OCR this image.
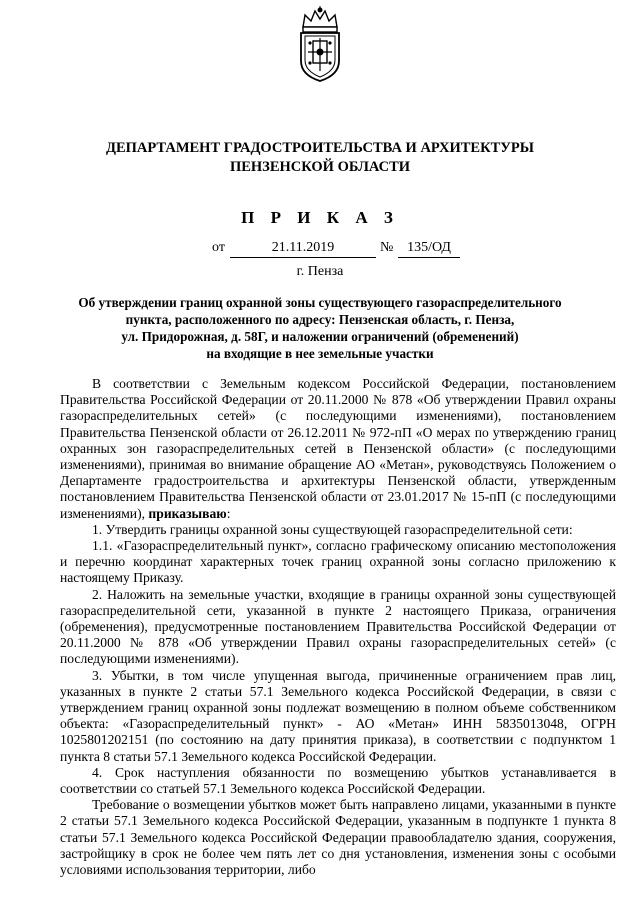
ДЕПАРТАМЕНТ ГРАДОСТРОИТЕЛЬСТВА И АРХИТЕКТУРЫ
ПЕНЗЕНСКОЙ ОБЛАСТИ
П Р И К А З
от	21.11.2019	№ 135/ОД
г. Пенза
Об утверждении границ охранной зоны существующего газораспределительного
пункта, расположенного по адресу: Пензенская область, г. Пенза,
ул. Придорожная, д. 58Г, и наложении ограничений (обременений)
на входящие в нее земельные участки

В соответствии с Земельным кодексом Российской Федерации, постановлением Правительства Российской Федерации от 20.11.2000 № 878 «Об утверждении Правил охраны газораспределительных сетей» (с последующими изменениями), постановлением Правительства Пензенской области от 26.12.2011 № 972-пП «О мерах по утверждению границ охранных зон газораспределительных сетей в Пензенской области» (с последующими изменениями), принимая во внимание обращение АО «Метан», руководствуясь Положением о Департаменте градостроительства и архитектуры Пензенской области, утвержденным постановлением Правительства Пензенской области от 23.01.2017 № 15-пП (с последующими изменениями), приказываю:

1. Утвердить границы охранной зоны существующей газораспределительной сети:

1.1. «Газораспределительный пункт», согласно графическому описанию местоположения и перечню координат характерных точек границ охранной зоны согласно приложению к настоящему Приказу.

2. Наложить на земельные участки, входящие в границы охранной зоны существующей газораспределительной сети, указанной в пункте 2 настоящего Приказа, ограничения (обременения), предусмотренные постановлением Правительства Российской Федерации от 20.11.2000 № 878 «Об утверждении Правил охраны газораспределительных сетей» (с последующими изменениями).

3. Убытки, в том числе упущенная выгода, причиненные ограничением прав лиц, указанных в пункте 2 статьи 57.1 Земельного кодекса Российской Федерации, в связи с утверждением границ охранной зоны подлежат возмещению в полном объеме собственником объекта: «Газораспределительный пункт» - АО «Метан» ИНН 5835013048, ОГРН 1025801202151 (по состоянию на дату принятия приказа), в соответствии с подпунктом 1 пункта 8 статьи 57.1 Земельного кодекса Российской Федерации.

4. Срок наступления обязанности по возмещению убытков устанавливается в соответствии со статьей 57.1 Земельного кодекса Российской Федерации.

Требование о возмещении убытков может быть направлено лицами, указанными в пункте 2 статьи 57.1 Земельного кодекса Российской Федерации, указанным в подпункте 1 пункта 8 статьи 57.1 Земельного кодекса Российской Федерации правообладателю здания, сооружения, застройщику в срок не более чем пять лет со дня установления, изменения зоны с особыми условиями использования территории, либо
